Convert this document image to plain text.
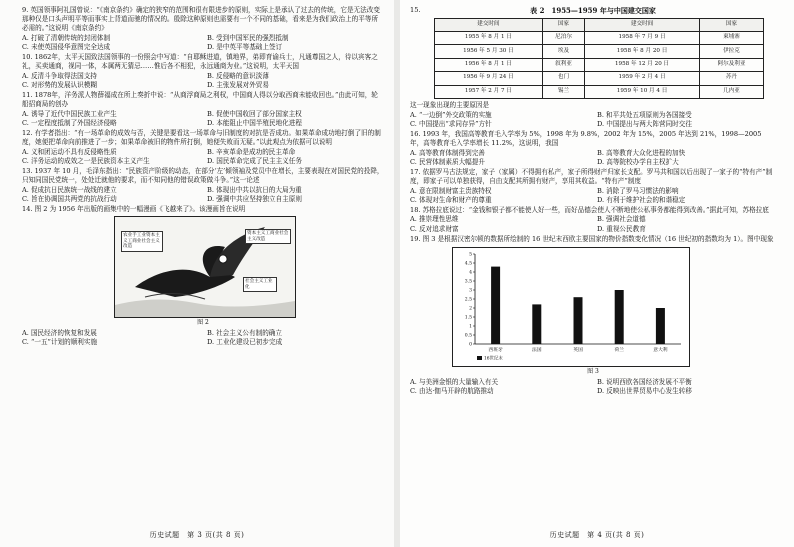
9. 英国领事阿礼国曾说：“《南京条约》确定的狭窄的范围和很有限进步的原则，实际上是承认了过去的传统，它是无法改变那种仅是口头声明平等而事实上背道而驰的情况的。殷除这种原则也需要有一个不同的基础，看来是为我们政治上的平等所必需的。”这说明《南京条约》

A. 打破了清朝传统的封闭体制	B. 受到中国军民的强烈抵制
C. 未使英国侵华意图完全达成	D. 是中英平等基础上签订

10. 1862年，太平天国致法国领事的一份照会中写道：“自耶稣进道，镇地界，弟即育谕兵士，凡通尊国之人，待以宾客之礼，买卖通商，视同一体，本属两无猜忌……惟后各不相犯，永远通商为业。”这说明，太平天国

A. 反清斗争取得法国支持	B. 反侵略的意识淡薄
C. 对形势的发展认识模糊	D. 主张发展对外贸易

11. 1878年，洋务派人物薛福成在所上奏折中说：“从商浮商局之利权，中国商人得以分取西商未能收回也。”由此可知，轮船招商局的创办

A. 诱导了近代中国民族工业产生	B. 促使中国收回了部分国家主权
C. 一定程度抵制了外国经济侵略	D. 本能阻止中国半殖民地化进程

12. 有学者指出：“有一场革命的成效与否，关键是要看这一场革命与旧制度的对抗是否成功。如果革命成功地打倒了旧的制度，她便把革命向前推进了一步；如果革命被旧的物件所打倒，她便失败而无疑。”以此观点为依据可以说明

A. 义和团运动不具有反侵略性质	B. 辛亥革命是成功的民主革命
C. 洋务运动的成效之一是民族资本主义产生	D. 国民革命完成了民主主义任务

13. 1937 年 10 月，毛泽东指出：“民族资产阶级的动态，在部分‘左’倾领袖及党员中在增长，主要表现在对国民党的投降，只知同国民党统一，处处迁就他的要求，而不知同他的错误政策做斗争。”这一论述

A. 促成抗日民族统一战线的建立	B. 体现出中共以抗日的大局为重
C. 旨在协调国共两党的抗战行动	D. 强调中共应坚持独立自主原则

14. 图 2 为 1956 年出版的画集中的一幅漫画《飞越来了》。该漫画旨在说明

农业手工业资本主义工商业社会主义改造
资本主义工商业社会主义改造
社会主义工业化
图 2
A. 国民经济的恢复和发展	B. 社会主义公有制的确立
C. “一五”计划的顺利实施	D. 工业化建设已初步完成
历史试题　第 3 页(共 8 页)
15.	表 2　1955—1959 年与中国建交国家
建交时间	国家	建交时间	国家
1955 年 8 月 1 日	尼泊尔	1958 年 7 月 9 日	柬埔寨
1956 年 5 月 30 日	埃及	1958 年 8 月 20 日	伊拉克
1956 年 8 月 1 日	叙利亚	1958 年 12 月 20 日	阿尔及利亚
1956 年 9 月 24 日	也门	1959 年 2 月 4 日	苏丹
1957 年 2 月 7 日	锡兰	1959 年 10 月 4 日	几内亚

这一现象出现的主要原因是

A. “一边倒”外交政策的实施	B. 和平共处五项原则为各国接受
C. 中国提出“求同存异”方针	D. 中国提出与两大阵营同时交往

16. 1993 年，我国高等教育毛入学率为 5%，1998 年为 9.8%，2002 年为 15%，2005 年达到 21%，1998—2005 年，高等教育毛入学率增长 11.2%，这说明，我国

A. 高等教育体制得到完善	B. 高等教育大众化进程的加快
C. 民营体制素质大幅提升	D. 高等院校办学自主权扩大

17. 依据罗马古法规定，家子（家属）不得拥有私产，家子所得财产归家长支配。罗马共和国以后出现了一家子的“特有产”制度，即家子可以单独获得，自由支配其所拥有财产，享用其收益。“特有产”制度

A. 意在限制财富主贵族特权	B. 消除了罗马习惯法的影响
C. 体现对生命和财产的尊重	D. 有利于维护社会的和谐稳定

18. 苏格拉底说过：“金钱和银子都不能使人好一些，而好品德会使人不断地使公私事务都能得到改善。”据此可知，苏格拉底

A. 推崇理性思维	B. 强调社会道德
C. 反对追求财富	D. 重视公民教育

19. 图 3 是根据汉密尔顿的数据所绘制的 16 世纪末西欧主要国家的物价指数变化情况（16 世纪初的指数均为 1）。图中现象

0
0.5
1
1.5
2
2.5
3
3.5
4
4.5
5
西班牙	法国	英国	荷兰	意大利
16世纪末
图 3
A. 与美洲金银的大量输入有关	B. 说明西欧各国经济发展不平衡
C. 由达·伽马开辟的航路推动	D. 反映出世界贸易中心发生转移
历史试题　第 4 页(共 8 页)
